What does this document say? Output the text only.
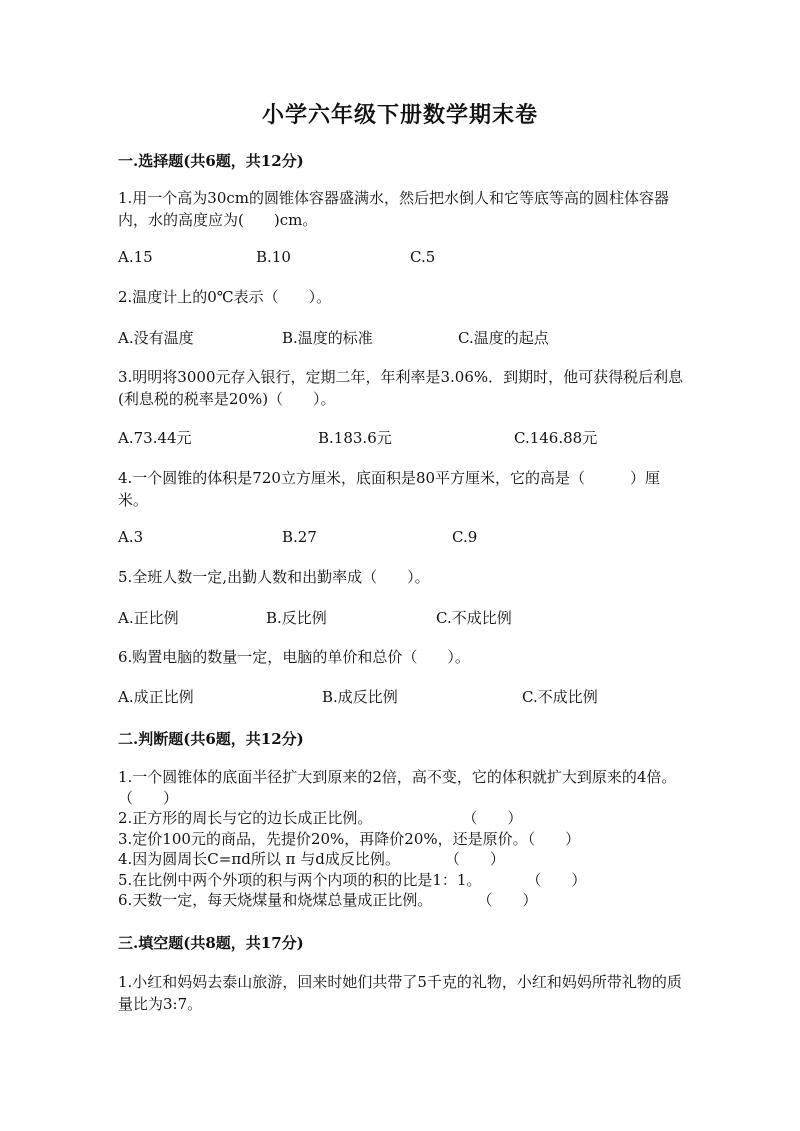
小学六年级下册数学期末卷
一.选择题(共6题，共12分)
1.用一个高为30cm的圆锥体容器盛满水，然后把水倒人和它等底等高的圆柱体容器内，水的高度应为(　　)cm。
A.15	B.10	C.5
2.温度计上的0℃表示（　　）。
A.没有温度	B.温度的标准	C.温度的起点
3.明明将3000元存入银行，定期二年，年利率是3.06%．到期时，他可获得税后利息(利息税的税率是20%)（　　）。
A.73.44元	B.183.6元	C.146.88元
4.一个圆锥的体积是720立方厘米，底面积是80平方厘米，它的高是（　　　）厘米。
A.3	B.27	C.9
5.全班人数一定,出勤人数和出勤率成（　　）。
A.正比例	B.反比例	C.不成比例
6.购置电脑的数量一定，电脑的单价和总价（　　）。
A.成正比例	B.成反比例	C.不成比例
二.判断题(共6题，共12分)
1.一个圆锥体的底面半径扩大到原来的2倍，高不变，它的体积就扩大到原来的4倍。　　　　（　　）
2.正方形的周长与它的边长成正比例。　　　　　　　（　　）
3.定价100元的商品，先提价20%，再降价20%，还是原价。（　　）
4.因为圆周长C=πd所以 π 与d成反比例。　　　　（　　）
5.在比例中两个外项的积与两个内项的积的比是1：1。　　　　（　　）
6.天数一定，每天烧煤量和烧煤总量成正比例。　　　　（　　）
三.填空题(共8题，共17分)
1.小红和妈妈去泰山旅游，回来时她们共带了5千克的礼物，小红和妈妈所带礼物的质量比为3:7。
